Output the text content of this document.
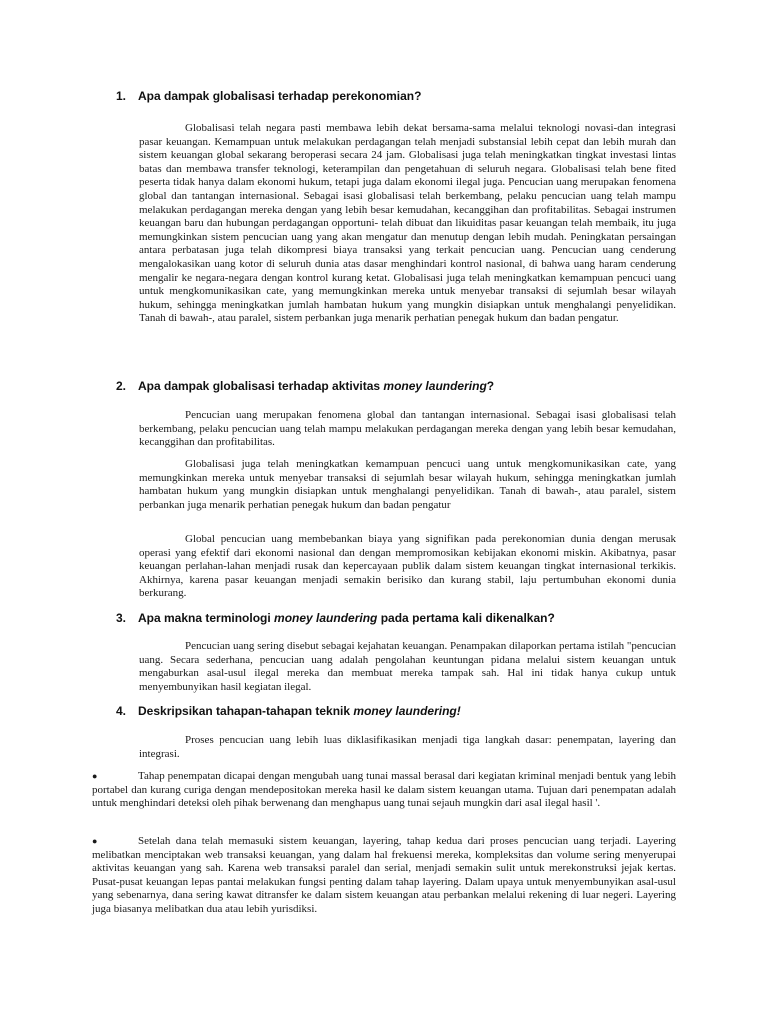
1. Apa dampak globalisasi terhadap perekonomian?

Globalisasi telah negara pasti membawa lebih dekat bersama-sama melalui teknologi novasi-dan integrasi pasar keuangan. Kemampuan untuk melakukan perdagangan telah menjadi substansial lebih cepat dan lebih murah dan sistem keuangan global sekarang beroperasi secara 24 jam. Globalisasi juga telah meningkatkan tingkat investasi lintas batas dan membawa transfer teknologi, keterampilan dan pengetahuan di seluruh negara. Globalisasi telah bene fited peserta tidak hanya dalam ekonomi hukum, tetapi juga dalam ekonomi ilegal juga. Pencucian uang merupakan fenomena global dan tantangan internasional. Sebagai isasi globalisasi telah berkembang, pelaku pencucian uang telah mampu melakukan perdagangan mereka dengan yang lebih besar kemudahan, kecanggihan dan profitabilitas. Sebagai instrumen keuangan baru dan hubungan perdagangan opportuni- telah dibuat dan likuiditas pasar keuangan telah membaik, itu juga memungkinkan sistem pencucian uang yang akan mengatur dan menutup dengan lebih mudah. Peningkatan persaingan antara perbatasan juga telah dikompresi biaya transaksi yang terkait pencucian uang. Pencucian uang cenderung mengalokasikan uang kotor di seluruh dunia atas dasar menghindari kontrol nasional, di bahwa uang haram cenderung mengalir ke negara-negara dengan kontrol kurang ketat. Globalisasi juga telah meningkatkan kemampuan pencuci uang untuk mengkomunikasikan cate, yang memungkinkan mereka untuk menyebar transaksi di sejumlah besar wilayah hukum, sehingga meningkatkan jumlah hambatan hukum yang mungkin disiapkan untuk menghalangi penyelidikan. Tanah di bawah-, atau paralel, sistem perbankan juga menarik perhatian penegak hukum dan badan pengatur.

2. Apa dampak globalisasi terhadap aktivitas money laundering?

Pencucian uang merupakan fenomena global dan tantangan internasional. Sebagai isasi globalisasi telah berkembang, pelaku pencucian uang telah mampu melakukan perdagangan mereka dengan yang lebih besar kemudahan, kecanggihan dan profitabilitas.

Globalisasi juga telah meningkatkan kemampuan pencuci uang untuk mengkomunikasikan cate, yang memungkinkan mereka untuk menyebar transaksi di sejumlah besar wilayah hukum, sehingga meningkatkan jumlah hambatan hukum yang mungkin disiapkan untuk menghalangi penyelidikan. Tanah di bawah-, atau paralel, sistem perbankan juga menarik perhatian penegak hukum dan badan pengatur

Global pencucian uang membebankan biaya yang signifikan pada perekonomian dunia dengan merusak operasi yang efektif dari ekonomi nasional dan dengan mempromosikan kebijakan ekonomi miskin. Akibatnya, pasar keuangan perlahan-lahan menjadi rusak dan kepercayaan publik dalam sistem keuangan tingkat internasional terkikis. Akhirnya, karena pasar keuangan menjadi semakin berisiko dan kurang stabil, laju pertumbuhan ekonomi dunia berkurang.

3. Apa makna terminologi money laundering pada pertama kali dikenalkan?

Pencucian uang sering disebut sebagai kejahatan keuangan. Penampakan dilaporkan pertama istilah "pencucian uang. Secara sederhana, pencucian uang adalah pengolahan keuntungan pidana melalui sistem keuangan untuk mengaburkan asal-usul ilegal mereka dan membuat mereka tampak sah. Hal ini tidak hanya cukup untuk menyembunyikan hasil kegiatan ilegal.

4. Deskripsikan tahapan-tahapan teknik money laundering!

Proses pencucian uang lebih luas diklasifikasikan menjadi tiga langkah dasar: penempatan, layering dan integrasi.

●	Tahap penempatan dicapai dengan mengubah uang tunai massal berasal dari kegiatan kriminal menjadi bentuk yang lebih portabel dan kurang curiga dengan mendepositokan mereka hasil ke dalam sistem keuangan utama. Tujuan dari penempatan adalah untuk menghindari deteksi oleh pihak berwenang dan menghapus uang tunai sejauh mungkin dari asal ilegal hasil '.

●	Setelah dana telah memasuki sistem keuangan, layering, tahap kedua dari proses pencucian uang terjadi. Layering melibatkan menciptakan web transaksi keuangan, yang dalam hal frekuensi mereka, kompleksitas dan volume sering menyerupai aktivitas keuangan yang sah. Karena web transaksi paralel dan serial, menjadi semakin sulit untuk merekonstruksi jejak kertas. Pusat-pusat keuangan lepas pantai melakukan fungsi penting dalam tahap layering. Dalam upaya untuk menyembunyikan asal-usul yang sebenarnya, dana sering kawat ditransfer ke dalam sistem keuangan atau perbankan melalui rekening di luar negeri. Layering juga biasanya melibatkan dua atau lebih yurisdiksi.
